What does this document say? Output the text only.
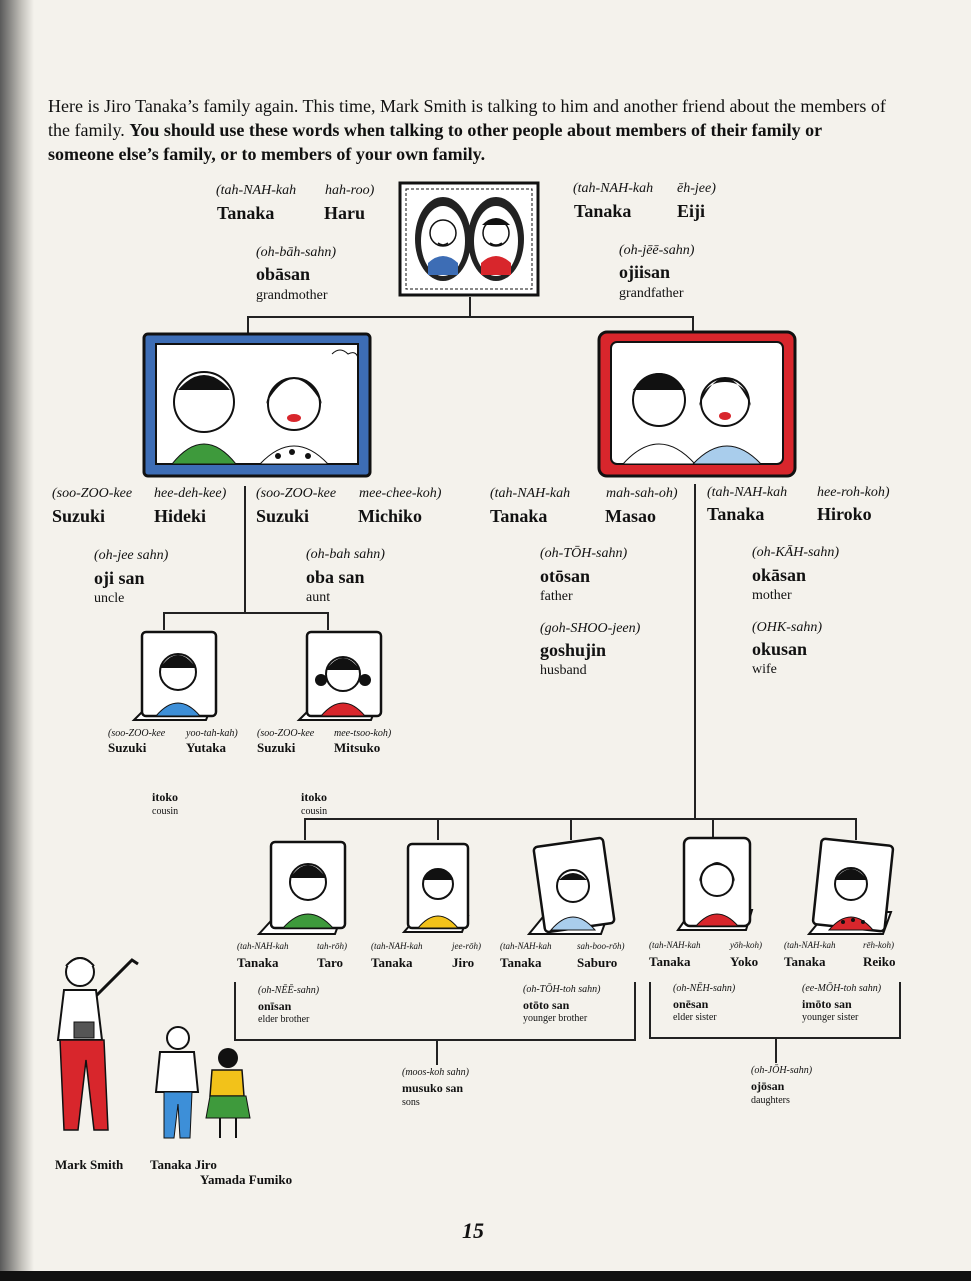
Here is Jiro Tanaka’s family again. This time, Mark Smith is talking to him and another friend about the members of the family. You should use these words when talking to other people about members of their family or someone else’s family, or to members of your own family.
(tah-NAH-kah hah-roo)
Tanaka	Haru
(oh-bāh-sahn)
obāsan
grandmother
(tah-NAH-kah ēh-jee)
Tanaka	Eiji
(oh-jēē-sahn)
ojiisan
grandfather
(soo-ZOO-kee hee-deh-kee)
Suzuki	Hideki
(oh-jee sahn)
oji san
uncle
(soo-ZOO-kee mee-chee-koh)
Suzuki	Michiko
(oh-bah sahn)
oba san
aunt
(tah-NAH-kah	mah-sah-oh)
Tanaka	Masao
(oh-TŌH-sahn)
otōsan
father
(goh-SHOO-jeen)
goshujin
husband
(tah-NAH-kah hee-roh-koh)
Tanaka	Hiroko
(oh-KĀH-sahn)
okāsan
mother
(OHK-sahn)
okusan
wife
(soo-ZOO-kee yoo-tah-kah)
Suzuki	Yutaka
(soo-ZOO-kee mee-tsoo-koh)
Suzuki	Mitsuko
itoko
cousin
itoko
cousin
(tah-NAH-kah	tah-rōh)
Tanaka	Taro
(tah-NAH-kah	jee-rōh)
Tanaka	Jiro
(tah-NAH-kah	sah-boo-rōh)
Tanaka	Saburo
(tah-NAH-kah	yōh-koh)
Tanaka	Yoko
(tah-NAH-kah	rēh-koh)
Tanaka	Reiko
(oh-NĒĒ-sahn)
onīsan
elder brother
(oh-TŌH-toh sahn)
otōto san
younger brother
(oh-NĒH-sahn)
onēsan
elder sister
(ee-MŌH-toh sahn)
imōto san
younger sister
(moos-koh sahn)
musuko san
sons
(oh-JŌH-sahn)
ojōsan
daughters
Mark Smith Tanaka Jiro
Yamada Fumiko
15
